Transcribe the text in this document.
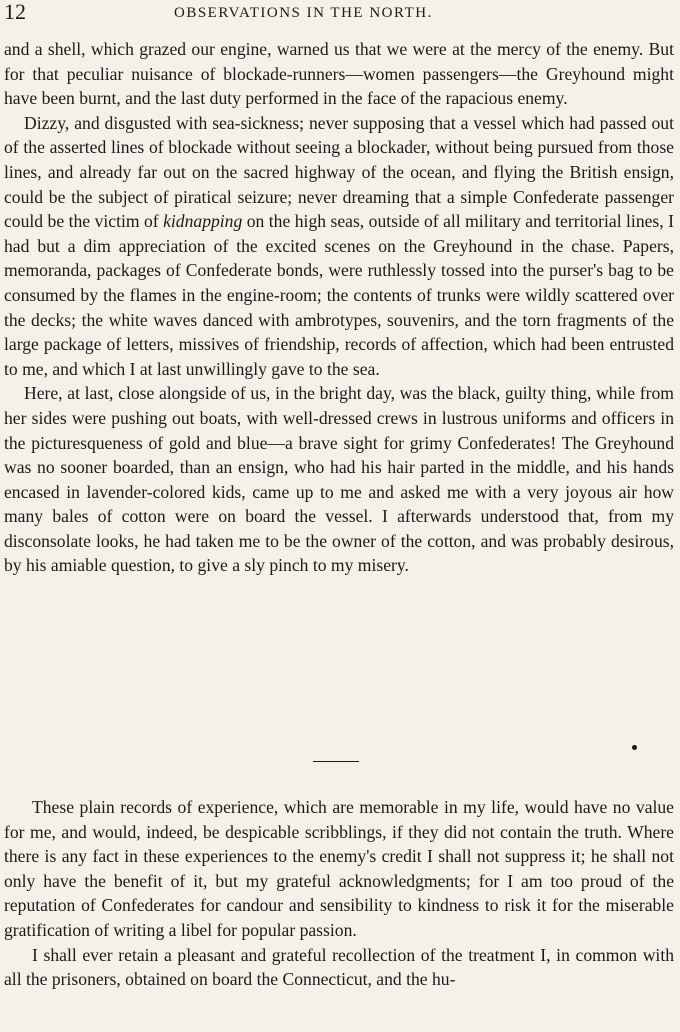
12	OBSERVATIONS IN THE NORTH.

and a shell, which grazed our engine, warned us that we were at the mercy of the enemy. But for that peculiar nuisance of blockade-runners—women passengers—the Greyhound might have been burnt, and the last duty performed in the face of the rapacious enemy.

Dizzy, and disgusted with sea-sickness; never supposing that a vessel which had passed out of the asserted lines of blockade without seeing a blockader, without being pursued from those lines, and already far out on the sacred highway of the ocean, and flying the British ensign, could be the subject of piratical seizure; never dreaming that a simple Confederate passenger could be the victim of kidnapping on the high seas, outside of all military and territorial lines, I had but a dim appreciation of the excited scenes on the Greyhound in the chase. Papers, memoranda, packages of Confederate bonds, were ruthlessly tossed into the purser's bag to be consumed by the flames in the engine-room; the contents of trunks were wildly scattered over the decks; the white waves danced with ambrotypes, souvenirs, and the torn fragments of the large package of letters, missives of friendship, records of affection, which had been entrusted to me, and which I at last unwillingly gave to the sea.

Here, at last, close alongside of us, in the bright day, was the black, guilty thing, while from her sides were pushing out boats, with well-dressed crews in lustrous uniforms and officers in the picturesqueness of gold and blue—a brave sight for grimy Confederates! The Greyhound was no sooner boarded, than an ensign, who had his hair parted in the middle, and his hands encased in lavender-colored kids, came up to me and asked me with a very joyous air how many bales of cotton were on board the vessel. I afterwards understood that, from my disconsolate looks, he had taken me to be the owner of the cotton, and was probably desirous, by his amiable question, to give a sly pinch to my misery.

These plain records of experience, which are memorable in my life, would have no value for me, and would, indeed, be despicable scribblings, if they did not contain the truth. Where there is any fact in these experiences to the enemy's credit I shall not suppress it; he shall not only have the benefit of it, but my grateful acknowledgments; for I am too proud of the reputation of Confederates for candour and sensibility to kindness to risk it for the miserable gratification of writing a libel for popular passion.

I shall ever retain a pleasant and grateful recollection of the treatment I, in common with all the prisoners, obtained on board the Connecticut, and the hu-
